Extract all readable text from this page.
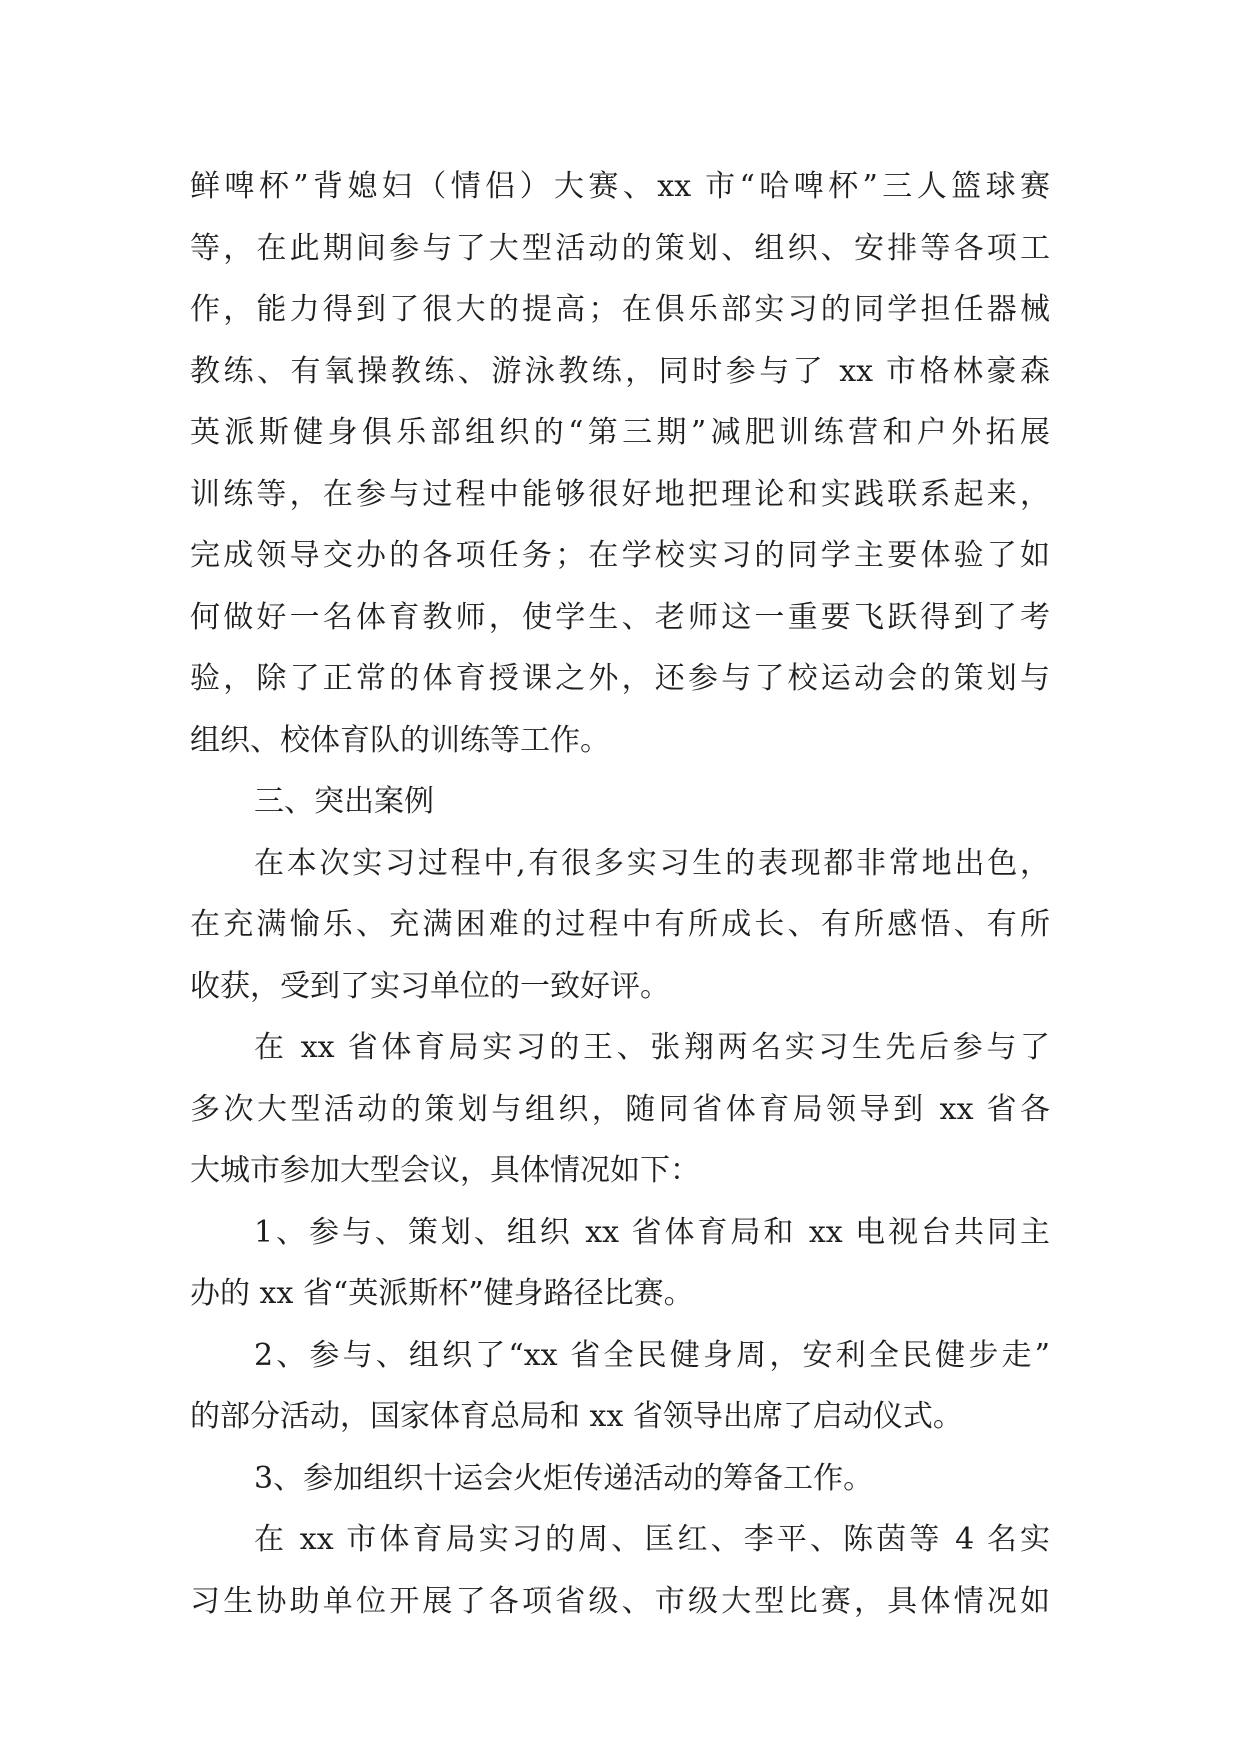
鲜啤杯”背媳妇（情侣）大赛、xx 市“哈啤杯”三人篮球赛
等，在此期间参与了大型活动的策划、组织、安排等各项工
作，能力得到了很大的提高；在俱乐部实习的同学担任器械
教练、有氧操教练、游泳教练，同时参与了 xx 市格林豪森
英派斯健身俱乐部组织的“第三期”减肥训练营和户外拓展
训练等，在参与过程中能够很好地把理论和实践联系起来，
完成领导交办的各项任务；在学校实习的同学主要体验了如
何做好一名体育教师，使学生、老师这一重要飞跃得到了考
验，除了正常的体育授课之外，还参与了校运动会的策划与
组织、校体育队的训练等工作。
三、突出案例
在本次实习过程中,有很多实习生的表现都非常地出色，
在充满愉乐、充满困难的过程中有所成长、有所感悟、有所
收获，受到了实习单位的一致好评。
在 xx 省体育局实习的王、张翔两名实习生先后参与了
多次大型活动的策划与组织，随同省体育局领导到 xx 省各
大城市参加大型会议，具体情况如下：
1、参与、策划、组织 xx 省体育局和 xx 电视台共同主
办的 xx 省“英派斯杯”健身路径比赛。
2、参与、组织了“xx 省全民健身周，安利全民健步走”
的部分活动，国家体育总局和 xx 省领导出席了启动仪式。
3、参加组织十运会火炬传递活动的筹备工作。
在 xx 市体育局实习的周、匡红、李平、陈茵等 4 名实
习生协助单位开展了各项省级、市级大型比赛，具体情况如
